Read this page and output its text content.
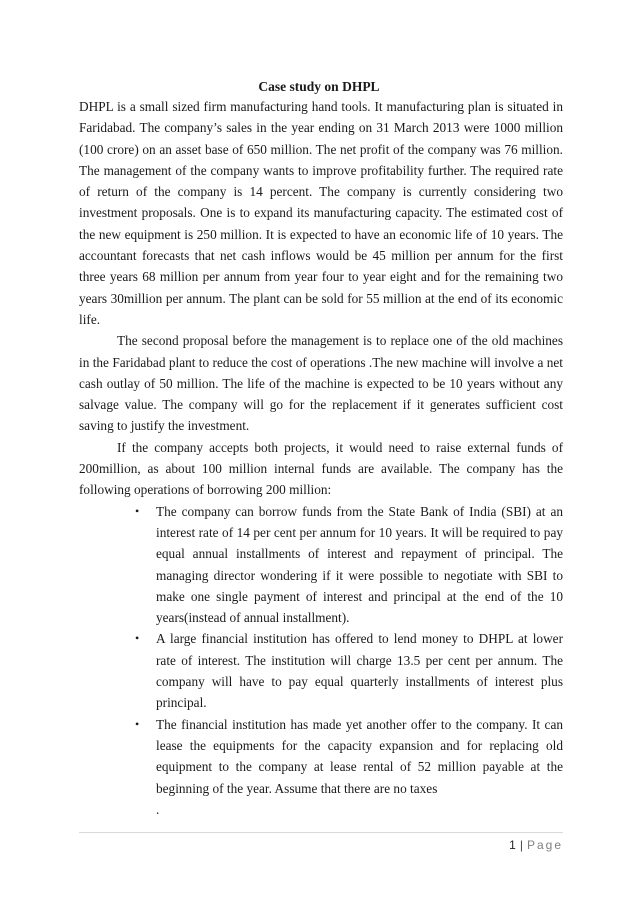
Case study on DHPL

DHPL is a small sized firm manufacturing hand tools. It manufacturing plan is situated in Faridabad. The company’s sales in the year ending on 31 March 2013 were 1000 million (100 crore) on an asset base of 650 million. The net profit of the company was 76 million. The management of the company wants to improve profitability further. The required rate of return of the company is 14 percent. The company is currently considering two investment proposals. One is to expand its manufacturing capacity. The estimated cost of the new equipment is 250 million. It is expected to have an economic life of 10 years. The accountant forecasts that net cash inflows would be 45 million per annum for the first three years 68 million per annum from year four to year eight and for the remaining two years 30million per annum. The plant can be sold for 55 million at the end of its economic life.

The second proposal before the management is to replace one of the old machines in the Faridabad plant to reduce the cost of operations .The new machine will involve a net cash outlay of 50 million. The life of the machine is expected to be 10 years without any salvage value. The company will go for the replacement if it generates sufficient cost saving to justify the investment.

If the company accepts both projects, it would need to raise external funds of 200million, as about 100 million internal funds are available. The company has the following operations of borrowing 200 million:

• The company can borrow funds from the State Bank of India (SBI) at an interest rate of 14 per cent per annum for 10 years. It will be required to pay equal annual installments of interest and repayment of principal. The managing director wondering if it were possible to negotiate with SBI to make one single payment of interest and principal at the end of the 10 years(instead of annual installment).
• A large financial institution has offered to lend money to DHPL at lower rate of interest. The institution will charge 13.5 per cent per annum. The company will have to pay equal quarterly installments of interest plus principal.
• The financial institution has made yet another offer to the company. It can lease the equipments for the capacity expansion and for replacing old equipment to the company at lease rental of 52 million payable at the beginning of the year. Assume that there are no taxes
.
1 | Page
